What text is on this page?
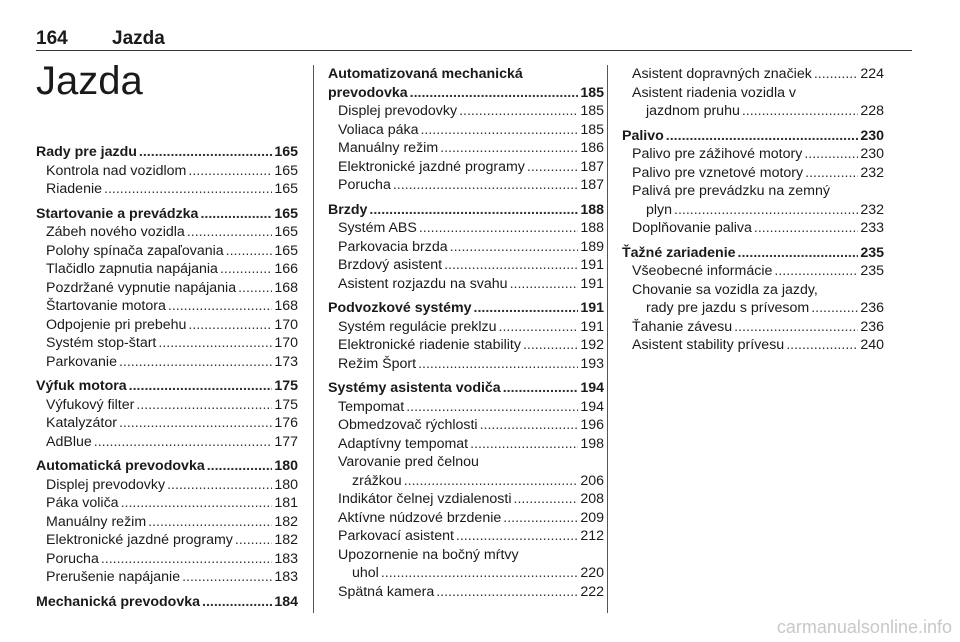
164 Jazda
Jazda
Rady pre jazdu .....	165
Kontrola nad vozidlom .....	165
Riadenie .....	165
Startovanie a prevádzka .....	165
Zábeh nového vozidla .....	165
Polohy spínača zapaľovania .....	165
Tlačidlo zapnutia napájania .....	166
Pozdržané vypnutie napájania .....	168
Štartovanie motora .....	168
Odpojenie pri prebehu .....	170
Systém stop-štart .....	170
Parkovanie .....	173
Výfuk motora .....	175
Výfukový filter .....	175
Katalyzátor .....	176
AdBlue .....	177
Automatická prevodovka .....	180
Displej prevodovky .....	180
Páka voliča .....	181
Manuálny režim .....	182
Elektronické jazdné programy .....	182
Porucha .....	183
Prerušenie napájanie .....	183
Mechanická prevodovka .....	184
Automatizovaná mechanická
prevodovka .....	185
Displej prevodovky .....	185
Voliaca páka .....	185
Manuálny režim .....	186
Elektronické jazdné programy .....	187
Porucha .....	187
Brzdy .....	188
Systém ABS .....	188
Parkovacia brzda .....	189
Brzdový asistent .....	191
Asistent rozjazdu na svahu .....	191
Podvozkové systémy .....	191
Systém regulácie preklzu .....	191
Elektronické riadenie stability .....	192
Režim Šport .....	193
Systémy asistenta vodiča .....	194
Tempomat .....	194
Obmedzovač rýchlosti .....	196
Adaptívny tempomat .....	198
Varovanie pred čelnou
zrážkou .....	206
Indikátor čelnej vzdialenosti .....	208
Aktívne núdzové brzdenie .....	209
Parkovací asistent .....	212
Upozornenie na bočný mŕtvy
uhol .....	220
Spätná kamera .....	222
Asistent dopravných značiek .....	224
Asistent riadenia vozidla v
jazdnom pruhu .....	228
Palivo .....	230
Palivo pre zážihové motory .....	230
Palivo pre vznetové motory .....	232
Palivá pre prevádzku na zemný
plyn .....	232
Doplňovanie paliva .....	233
Ťažné zariadenie .....	235
Všeobecné informácie .....	235
Chovanie sa vozidla za jazdy,
rady pre jazdu s prívesom .....	236
Ťahanie závesu .....	236
Asistent stability prívesu .....	240
carmanualsonline.info
